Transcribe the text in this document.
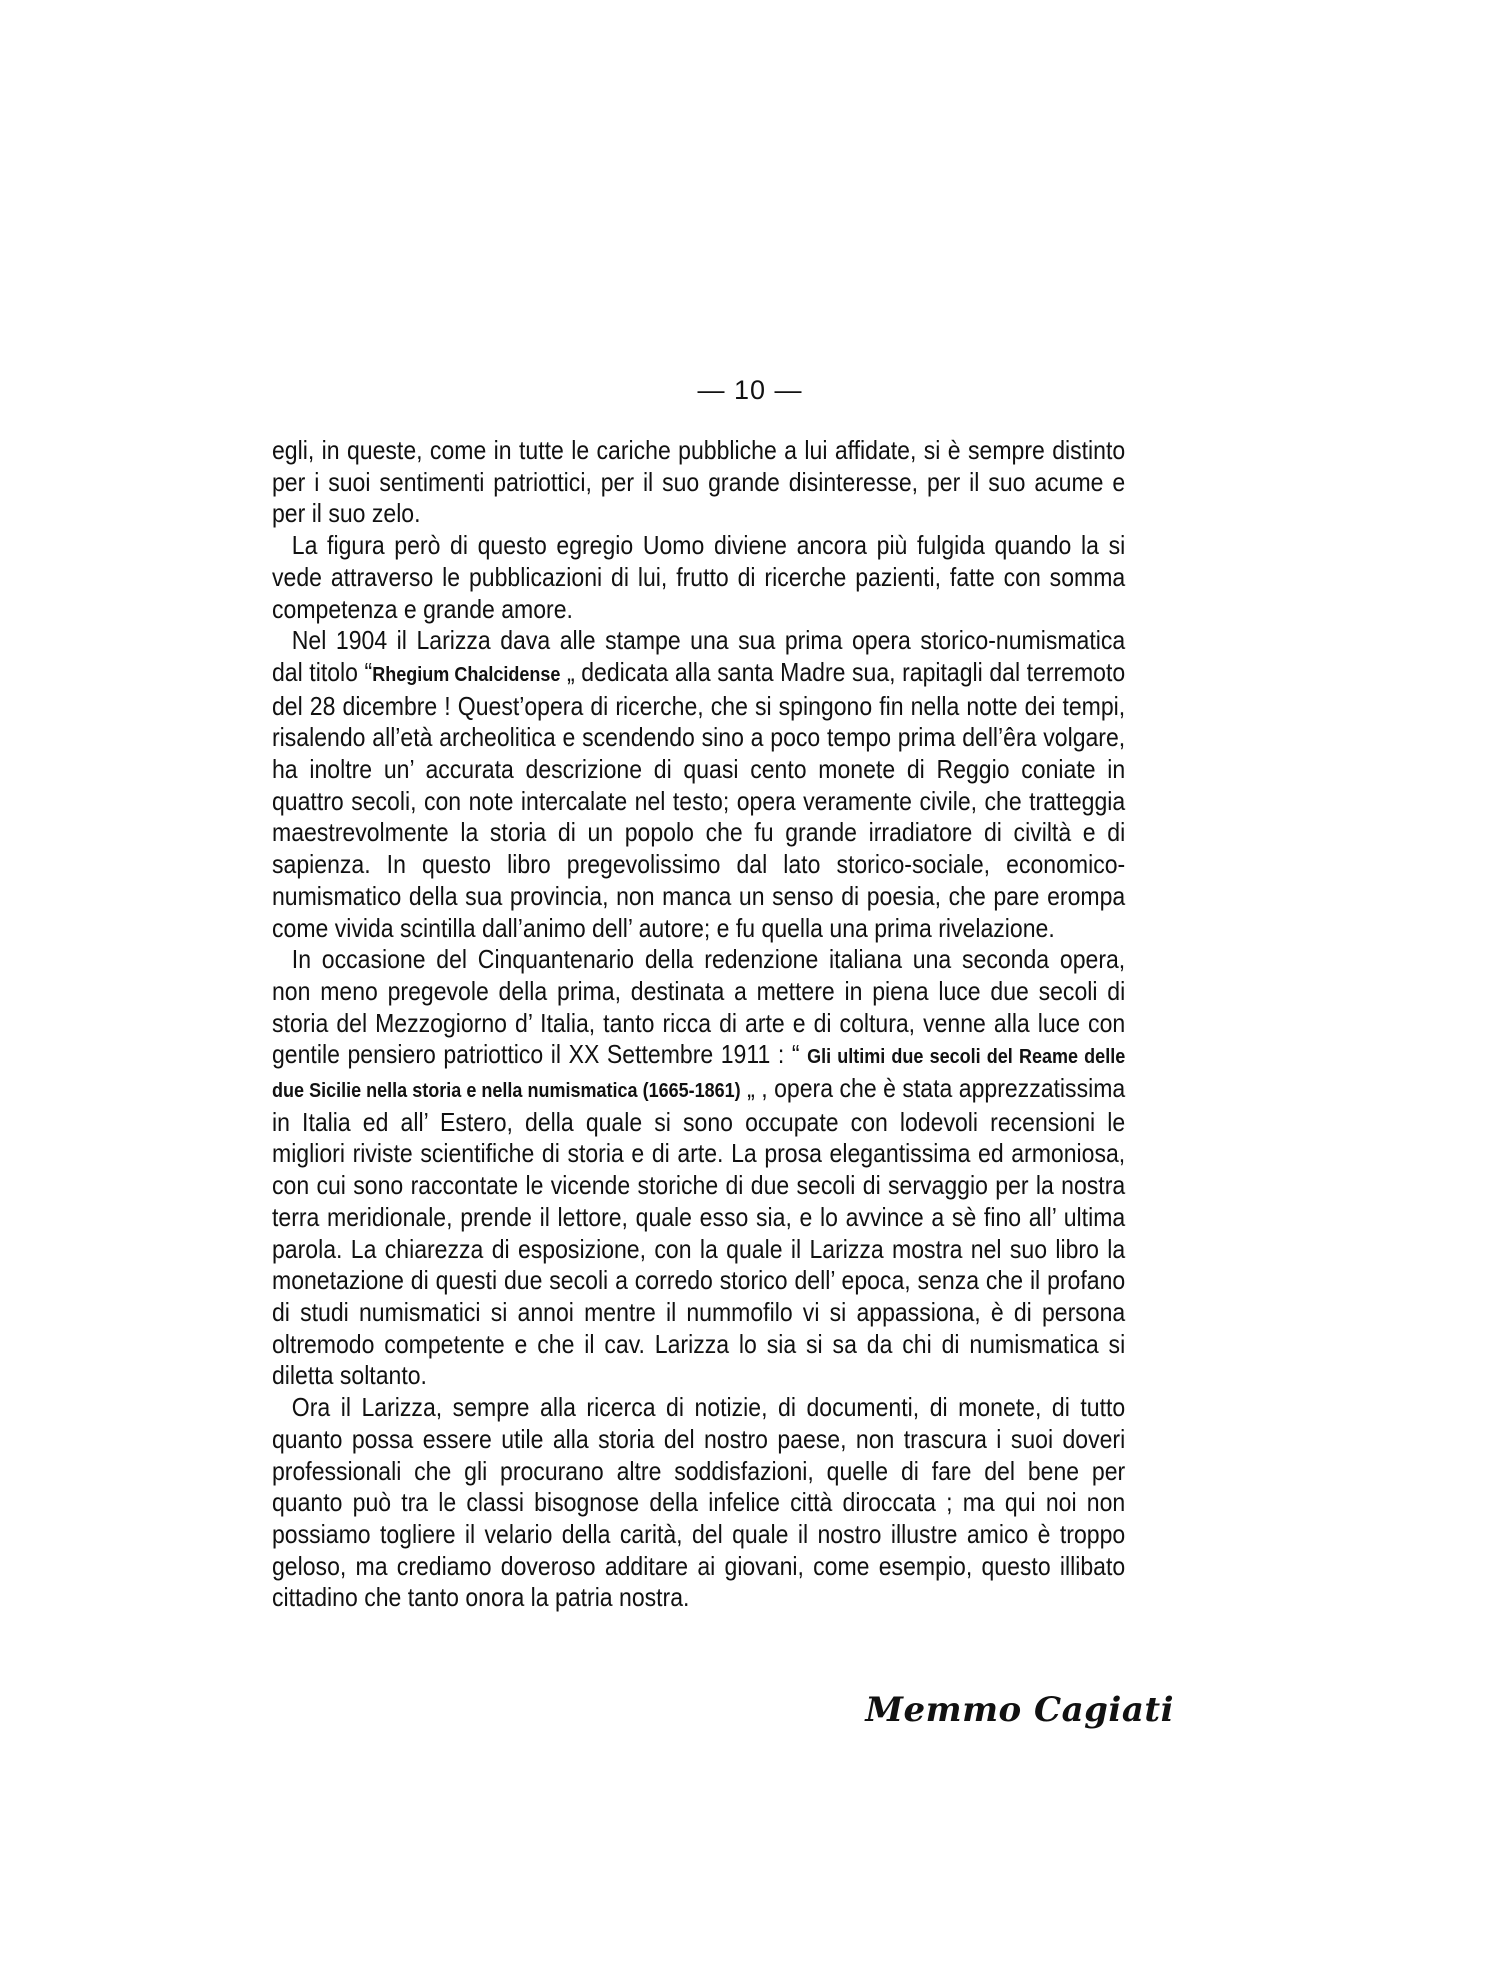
— 10 —

egli, in queste, come in tutte le cariche pubbliche a lui affidate, si è sempre distinto per i suoi sentimenti patriottici, per il suo grande disinteresse, per il suo acume e per il suo zelo.

La figura però di questo egregio Uomo diviene ancora più fulgida quando la si vede attraverso le pubblicazioni di lui, frutto di ricerche pazienti, fatte con somma competenza e grande amore.

Nel 1904 il Larizza dava alle stampe una sua prima opera storico-numismatica dal titolo “Rhegium Chalcidense „ dedicata alla santa Madre sua, rapitagli dal terremoto del 28 dicembre ! Quest’opera di ricerche, che si spingono fin nella notte dei tempi, risalendo all’età archeolitica e scendendo sino a poco tempo prima dell’êra volgare, ha inoltre un’ accurata descrizione di quasi cento monete di Reggio coniate in quattro secoli, con note intercalate nel testo; opera veramente civile, che tratteggia maestrevolmente la storia di un popolo che fu grande irradiatore di civiltà e di sapienza. In questo libro pregevolissimo dal lato storico-sociale, economico-numismatico della sua provincia, non manca un senso di poesia, che pare erompa come vivida scintilla dall’animo dell’ autore; e fu quella una prima rivelazione.

In occasione del Cinquantenario della redenzione italiana una seconda opera, non meno pregevole della prima, destinata a mettere in piena luce due secoli di storia del Mezzogiorno d’ Italia, tanto ricca di arte e di coltura, venne alla luce con gentile pensiero patriottico il XX Settembre 1911 : “ Gli ultimi due secoli del Reame delle due Sicilie nella storia e nella numismatica (1665-1861) „ , opera che è stata apprezzatissima in Italia ed all’ Estero, della quale si sono occupate con lodevoli recensioni le migliori riviste scientifiche di storia e di arte. La prosa elegantissima ed armoniosa, con cui sono raccontate le vicende storiche di due secoli di servaggio per la nostra terra meridionale, prende il lettore, quale esso sia, e lo avvince a sè fino all’ ultima parola. La chiarezza di esposizione, con la quale il Larizza mostra nel suo libro la monetazione di questi due secoli a corredo storico dell’ epoca, senza che il profano di studi numismatici si annoi mentre il nummofilo vi si appassiona, è di persona oltremodo competente e che il cav. Larizza lo sia si sa da chi di numismatica si diletta soltanto.

Ora il Larizza, sempre alla ricerca di notizie, di documenti, di monete, di tutto quanto possa essere utile alla storia del nostro paese, non trascura i suoi doveri professionali che gli procurano altre soddisfazioni, quelle di fare del bene per quanto può tra le classi bisognose della infelice città diroccata ; ma qui noi non possiamo togliere il velario della carità, del quale il nostro illustre amico è troppo geloso, ma crediamo doveroso additare ai giovani, come esempio, questo illibato cittadino che tanto onora la patria nostra.

Memmo Cagiati
